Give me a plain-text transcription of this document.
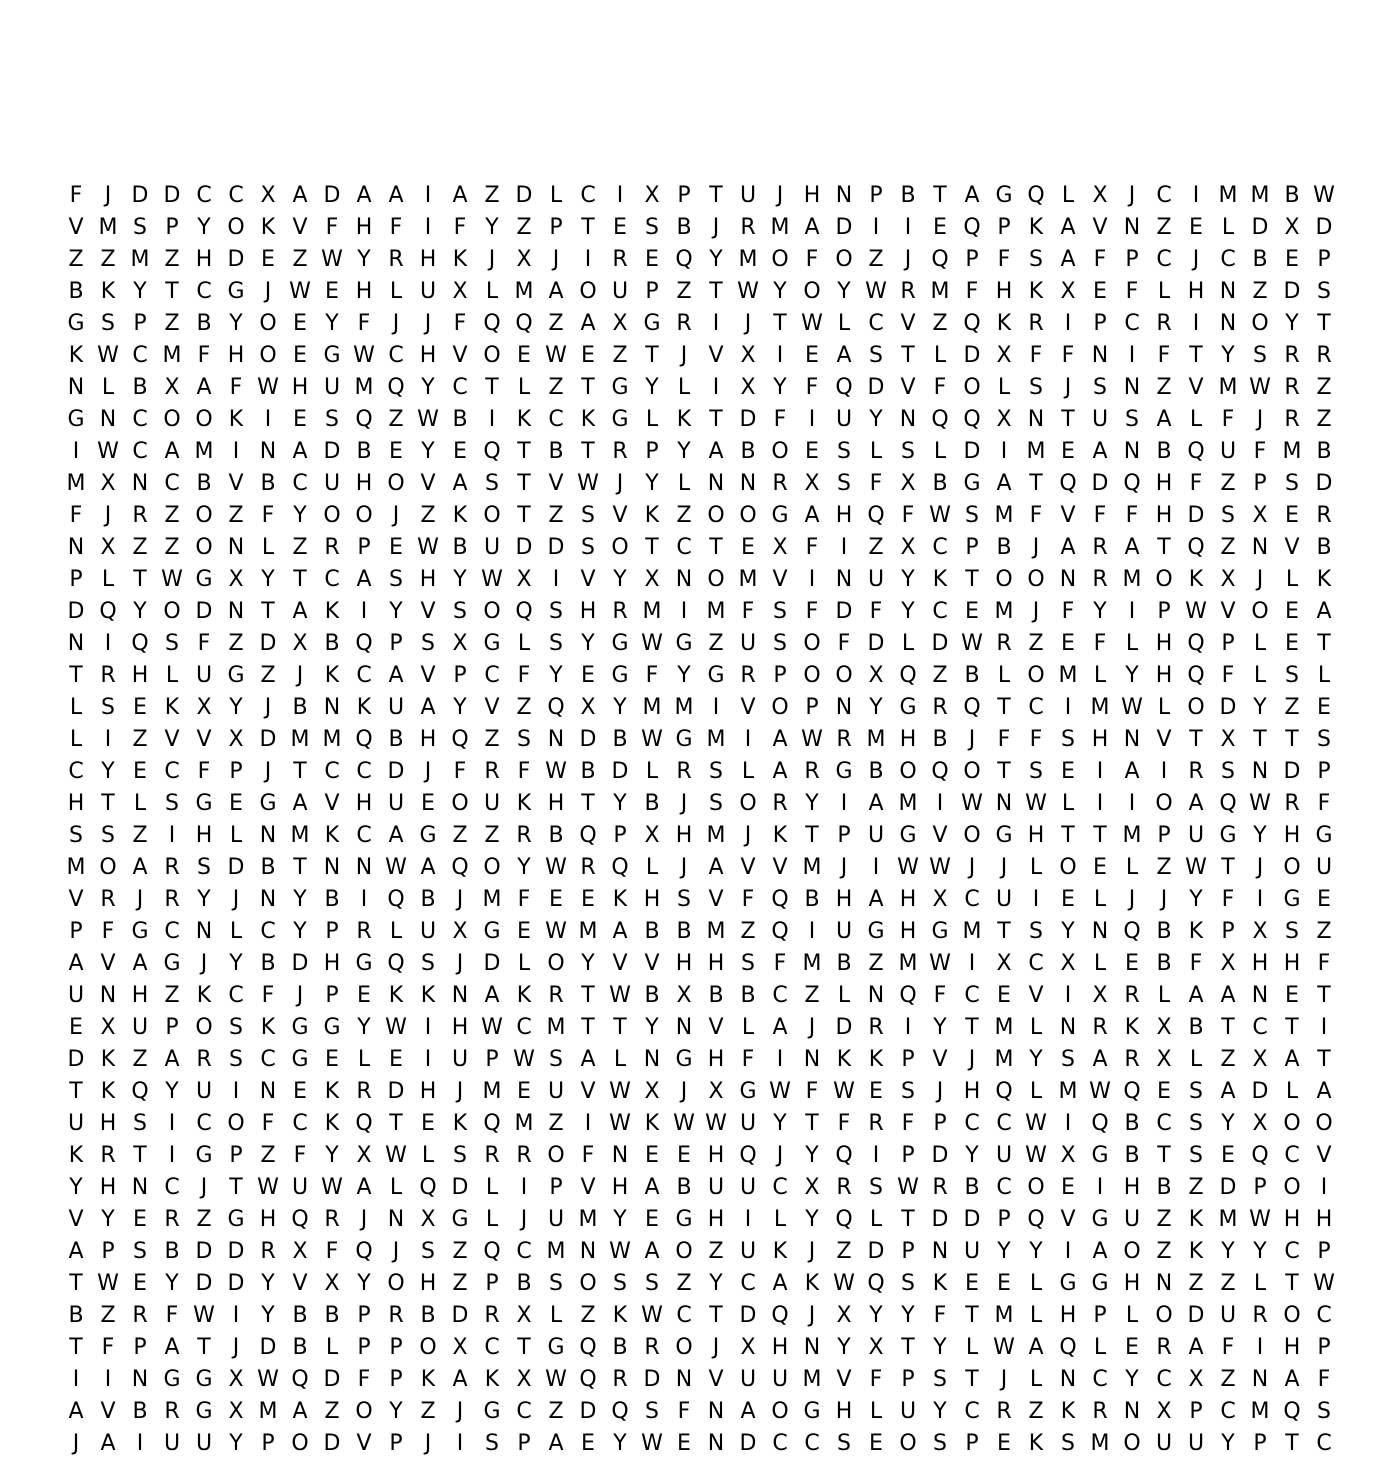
F	J D D C C X A D A A I A Z D L C I X P T U J H N P B T A G Q L X J C I M M B W
V M S P Y O K V F H F	I	F Y Z P T E S B J R M A D I	I E Q P K A V N Z E L D X D
Z Z M Z H D E Z W Y R H K J X J	I R E Q Y M O F O Z J Q P F S A F P C J C B E P
B K Y T C G J W E H L U X L M A O U P Z T W Y O Y W R M F H K X E F L H N Z D S
G S P Z B Y O E Y F	J	J	F Q Q Z A X G R I	J	T W L C V Z Q K R I	P C R I N O Y T
K W C M F H O E G W C H V O E W E Z T	J V X I E A S T L D X F F N I	F T Y S R R
N L B X A F W H U M Q Y C T L Z T G Y L	I X Y F Q D V F O L S J S N Z V M W R Z
G N C O O K I E S Q Z W B I K C K G L K T D F	I U Y N Q Q X N T U S A L F	J R Z
I W C A M I N A D B E Y E Q T B T R P Y A B O E S L S L D I M E A N B Q U F M B
M X N C B V B C U H O V A S T V W J	Y L N N R X S F X B G A T Q D Q H F Z P S D
F	J R Z O Z F Y O O J Z K O T Z S V K Z O O G A H Q F W S M F V F F H D S X E R
N X Z Z O N L Z R P E W B U D D S O T C T E X F	I Z X C P B J A R A T Q Z N V B
P L T W G X Y T C A S H Y W X I V Y X N O M V I N U Y K T O O N R M O K X J	L K
D Q Y O D N T A K I	Y V S O Q S H R M I M F S F D F Y C E M J	F Y	I	P W V O E A
N I Q S F Z D X B Q P S X G L S Y G W G Z U S O F D L D W R Z E F L H Q P L E T
T R H L U G Z J K C A V P C F Y E G F Y G R P O O X Q Z B L O M L Y H Q F L S L
L S E K X Y	J B N K U A Y V Z Q X Y M M I V O P N Y G R Q T C I M W L O D Y Z E
L	I Z V V X D M M Q B H Q Z S N D B W G M I A W R M H B J	F F S H N V T X T T S
C Y E C F P	J	T C C D J	F R F W B D L R S L A R G B O Q O T S E I A I R S N D P
H T L S G E G A V H U E O U K H T Y B J S O R Y	I A M I W N W L	I	I O A Q W R F
S S Z I H L N M K C A G Z Z R B Q P X H M J K T P U G V O G H T T M P U G Y H G
M O A R S D B T N N W A Q O Y W R Q L	J A V V M J	I W W J	J	L O E L Z W T	J O U
V R J R Y	J N Y B I Q B J M F E E K H S V F Q B H A H X C U I E L	J	J	Y F	I G E
P F G C N L C Y P R L U X G E W M A B B M Z Q I U G H G M T S Y N Q B K P X S Z
A V A G J	Y B D H G Q S J D L O Y V V H H S F M B Z M W I X C X L E B F X H H F
U N H Z K C F	J	P E K K N A K R T W B X B B C Z L N Q F C E V I X R L A A N E T
E X U P O S K G G Y W I H W C M T T Y N V L A J D R I	Y T M L N R K X B T C T	I
D K Z A R S C G E L E I U P W S A L N G H F	I N K K P V J M Y S A R X L Z X A T
T K Q Y U I N E K R D H J M E U V W X J X G W F W E S J H Q L M W Q E S A D L A
U H S I C O F C K Q T E K Q M Z I W K W W U Y T F R F P C C W I Q B C S Y X O O
K R T	I G P Z F Y X W L S R R O F N E E H Q J	Y Q I	P D Y U W X G B T S E Q C V
Y H N C J	T W U W A L Q D L	I	P V H A B U U C X R S W R B C O E I H B Z D P O I
V Y E R Z G H Q R J N X G L	J U M Y E G H I	L Y Q L T D D P Q V G U Z K M W H H
A P S B D D R X F Q J S Z Q C M N W A O Z U K J Z D P N U Y Y	I A O Z K Y Y C P
T W E Y D D Y V X Y O H Z P B S O S S Z Y C A K W Q S K E E L G G H N Z Z L T W
B Z R F W I	Y B B P R B D R X L Z K W C T D Q J X Y Y F T M L H P L O D U R O C
T F P A T	J D B L P P O X C T G Q B R O J X H N Y X T Y L W A Q L E R A F	I H P
I	I N G G X W Q D F P K A K X W Q R D N V U U M V F P S T	J	L N C Y C X Z N A F
A V B R G X M A Z O Y Z J G C Z D Q S F N A O G H L U Y C R Z K R N X P C M Q S
J A I U U Y P O D V P	J	I S P A E Y W E N D C C S E O S P E K S M O U U Y P T C
